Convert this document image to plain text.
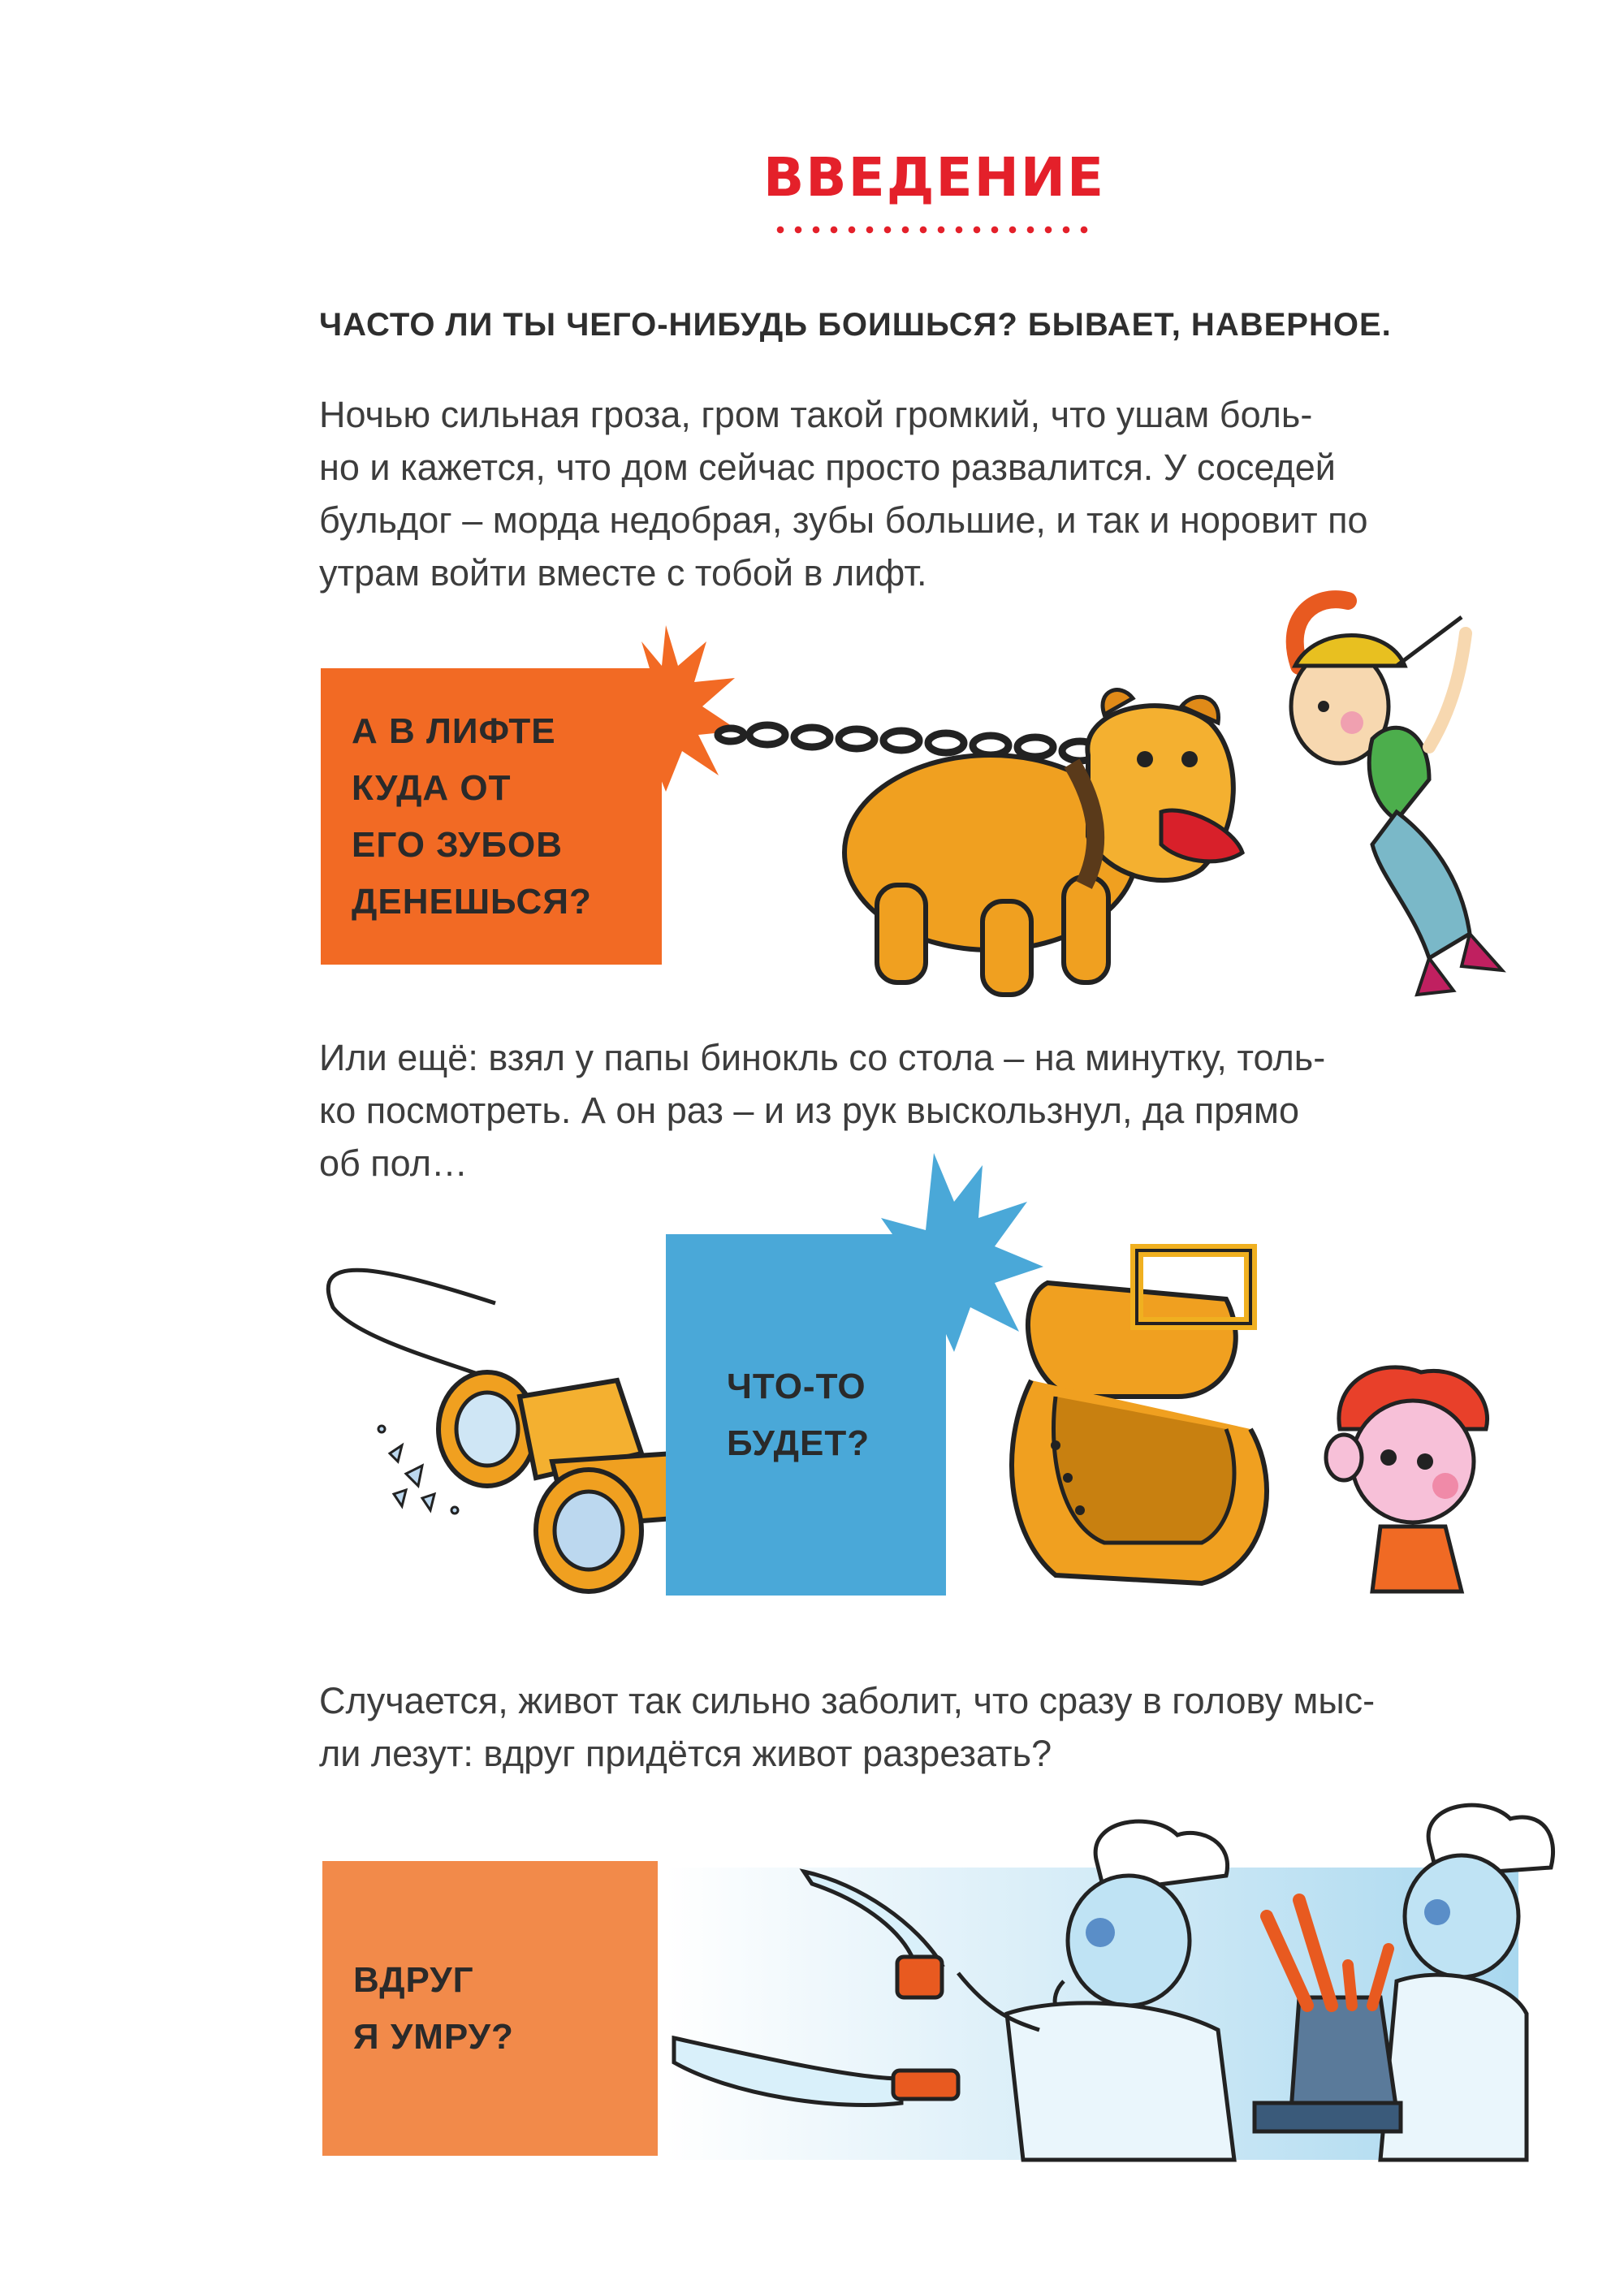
ВВЕДЕНИЕ
ЧАСТО ЛИ ТЫ ЧЕГО-НИБУДЬ БОИШЬСЯ? БЫВАЕТ, НАВЕРНОЕ.
Ночью сильная гроза, гром такой громкий, что ушам боль-
но и кажется, что дом сейчас просто развалится. У соседей
бульдог – морда недобрая, зубы большие, и так и норовит по
утрам войти вместе с тобой в лифт.
А В ЛИФТЕ
КУДА ОТ
ЕГО ЗУБОВ
ДЕНЕШЬСЯ?
Или ещё: взял у папы бинокль со стола – на минутку, толь-
ко посмотреть. А он раз – и из рук выскользнул, да прямо
об пол…
ЧТО-ТО
БУДЕТ?
Случается, живот так сильно заболит, что сразу в голову мыс-
ли лезут: вдруг придётся живот разрезать?
ВДРУГ
Я УМРУ?
